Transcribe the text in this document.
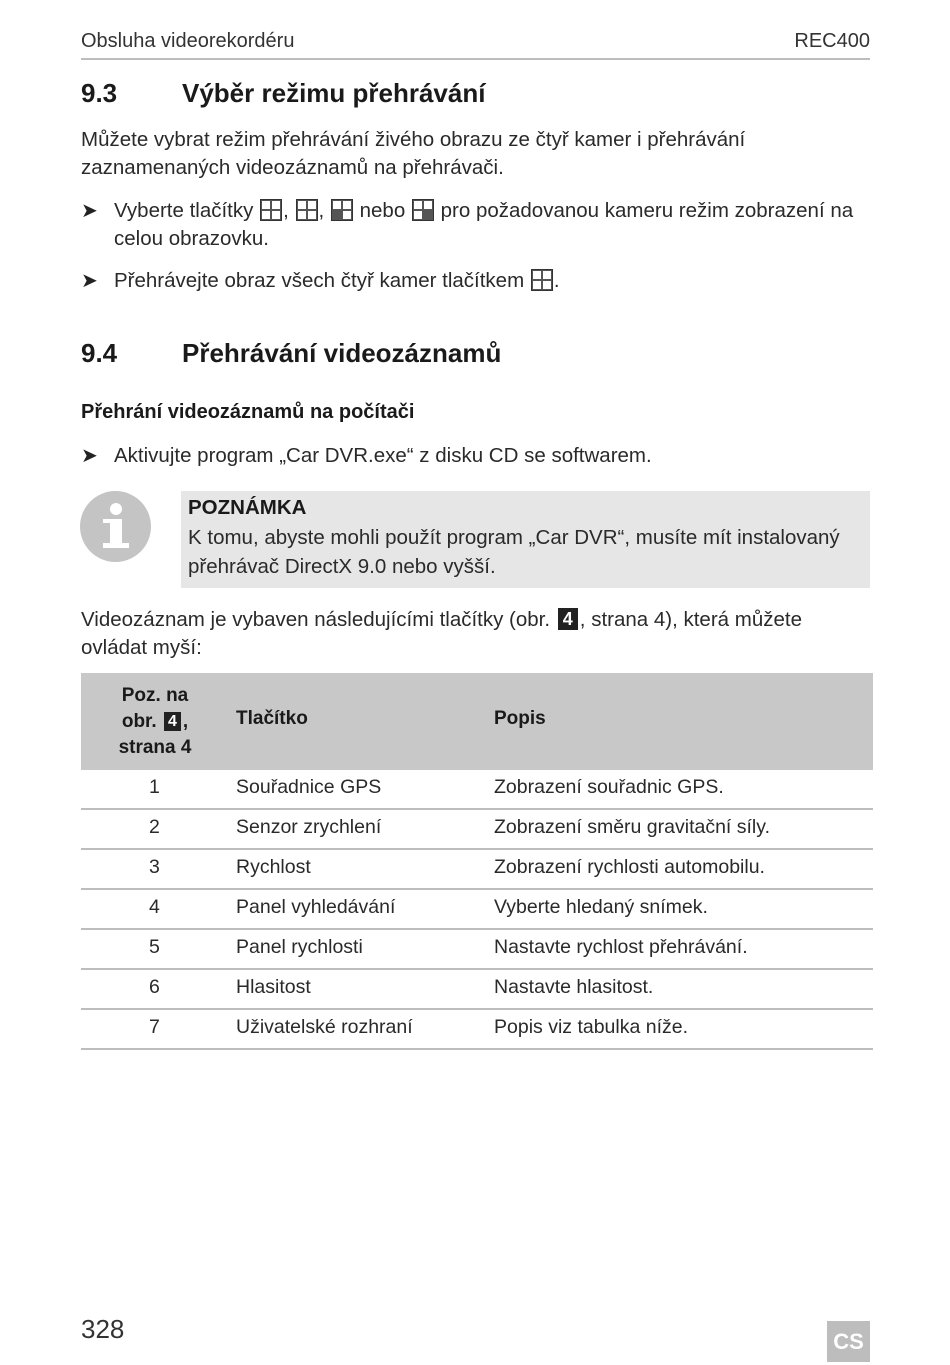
Obsluha videorekordéru	REC400
9.3 Výběr režimu přehrávání
Můžete vybrat režim přehrávání živého obrazu ze čtyř kamer i přehrávání zaznamenaných videozáznamů na přehrávači.
➤ Vyberte tlačítky , , nebo pro požadovanou kameru režim zobrazení na celou obrazovku.
➤ Přehrávejte obraz všech čtyř kamer tlačítkem .
9.4 Přehrávání videozáznamů
Přehrání videozáznamů na počítači
➤ Aktivujte program „Car DVR.exe“ z disku CD se softwarem.
POZNÁMKA
K tomu, abyste mohli použít program „Car DVR“, musíte mít instalovaný přehrávač DirectX 9.0 nebo vyšší.
Videozáznam je vybaven následujícími tlačítky (obr. 4 , strana 4), která můžete ovládat myší:
Poz. na
obr. 4 ,
strana 4
Tlačítko	Popis
1	Souřadnice GPS	Zobrazení souřadnic GPS.
2	Senzor zrychlení	Zobrazení směru gravitační síly.
3	Rychlost	Zobrazení rychlosti automobilu.
4	Panel vyhledávání	Vyberte hledaný snímek.
5	Panel rychlosti	Nastavte rychlost přehrávání.
6	Hlasitost	Nastavte hlasitost.
7	Uživatelské rozhraní	Popis viz tabulka níže.
328	CS
